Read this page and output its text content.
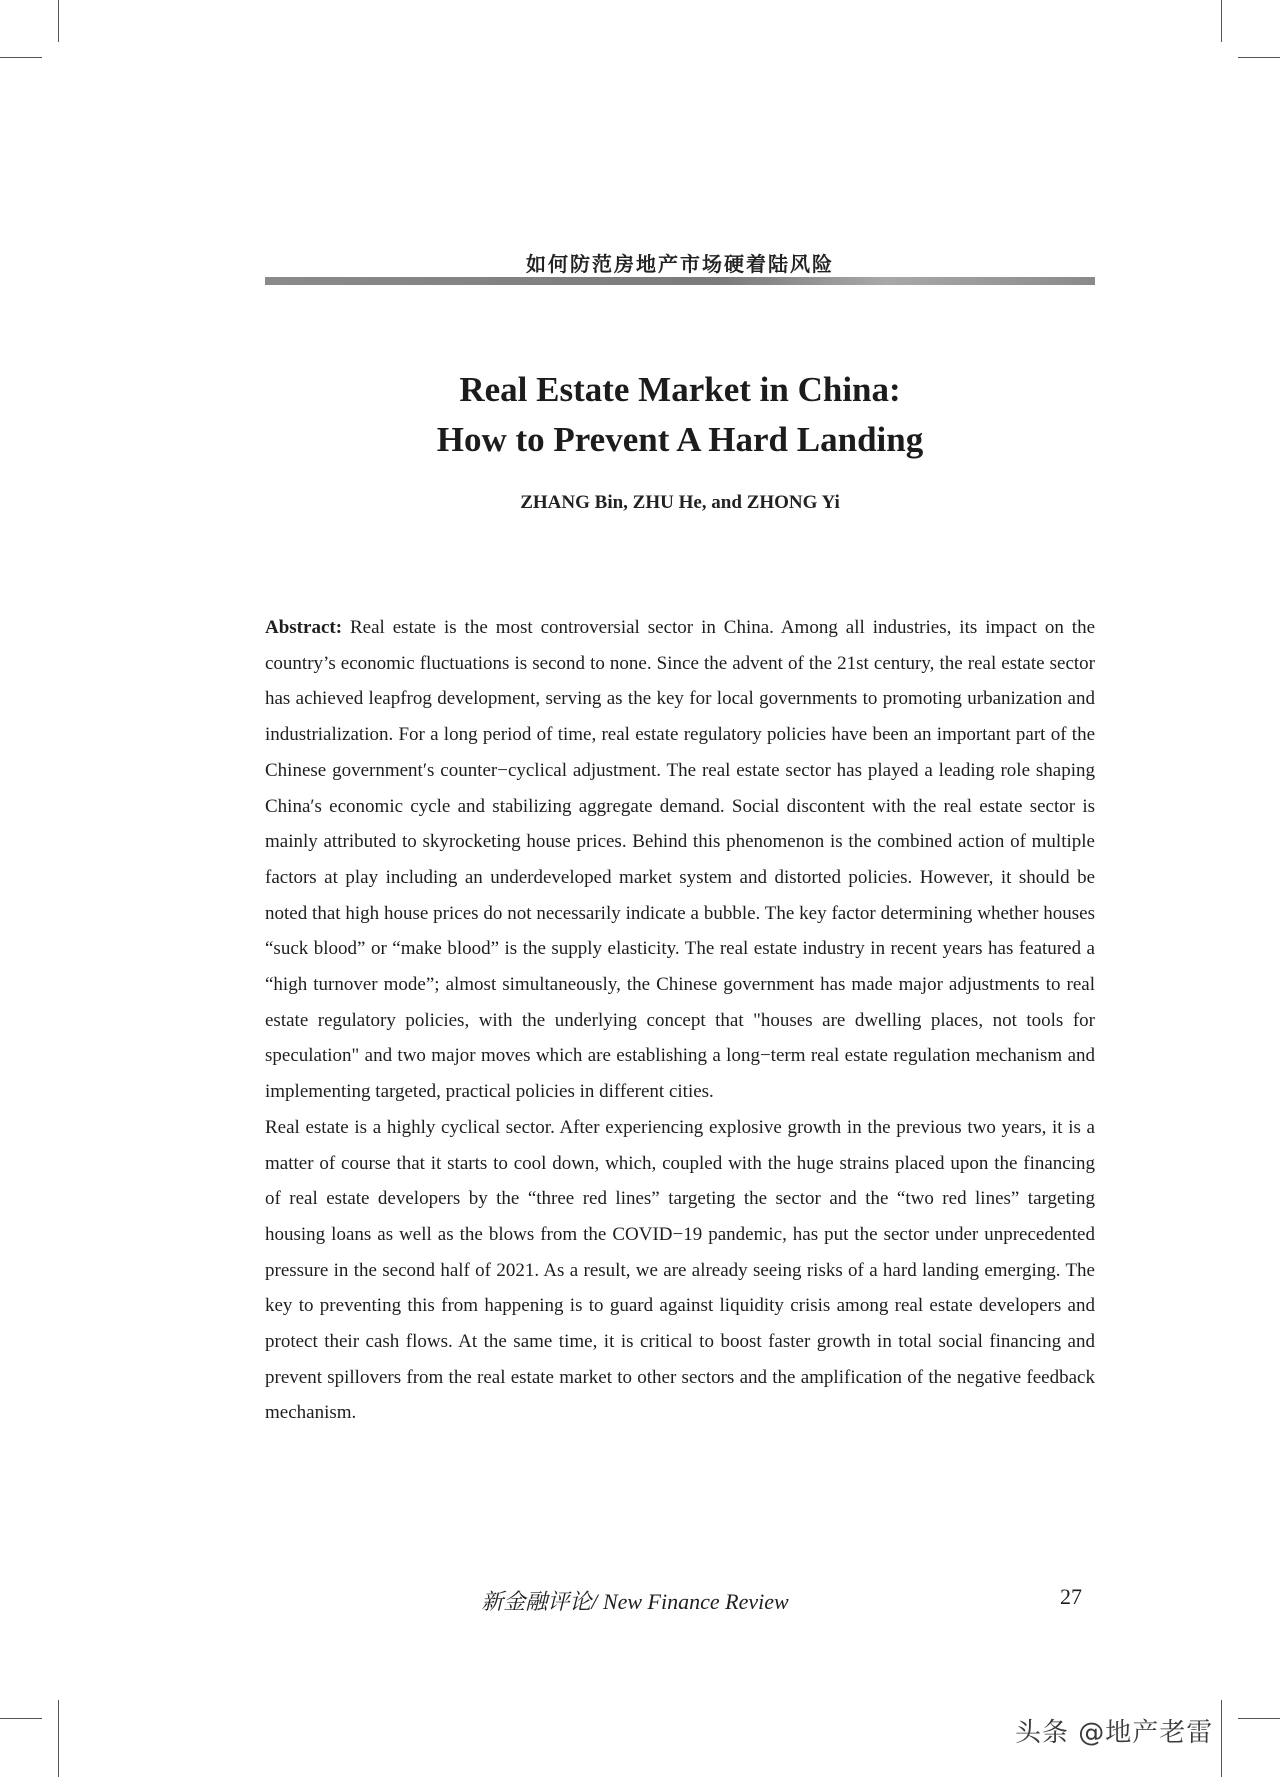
如何防范房地产市场硬着陆风险
Real Estate Market in China:
How to Prevent A Hard Landing
ZHANG Bin, ZHU He, and ZHONG Yi

Abstract: Real estate is the most controversial sector in China. Among all industries, its impact on the country’s economic fluctuations is second to none. Since the advent of the 21st century, the real estate sector has achieved leapfrog development, serving as the key for local governments to promoting urbanization and industrialization. For a long period of time, real estate regulatory policies have been an important part of the Chinese government′s counter−cyclical adjustment. The real estate sector has played a leading role shaping China′s economic cycle and stabilizing aggregate demand. Social discontent with the real estate sector is mainly attributed to skyrocketing house prices. Behind this phenomenon is the combined action of multiple factors at play including an underdeveloped market system and distorted policies. However, it should be noted that high house prices do not necessarily indicate a bubble. The key factor determining whether houses “suck blood” or “make blood” is the supply elasticity. The real estate industry in recent years has featured a “high turnover mode”; almost simultaneously, the Chinese government has made major adjustments to real estate regulatory policies, with the underlying concept that "houses are dwelling places, not tools for speculation" and two major moves which are establishing a long−term real estate regulation mechanism and implementing targeted, practical policies in different cities.

Real estate is a highly cyclical sector. After experiencing explosive growth in the previous two years, it is a matter of course that it starts to cool down, which, coupled with the huge strains placed upon the financing of real estate developers by the “three red lines” targeting the sector and the “two red lines” targeting housing loans as well as the blows from the COVID−19 pandemic, has put the sector under unprecedented pressure in the second half of 2021. As a result, we are already seeing risks of a hard landing emerging. The key to preventing this from happening is to guard against liquidity crisis among real estate developers and protect their cash flows. At the same time, it is critical to boost faster growth in total social financing and prevent spillovers from the real estate market to other sectors and the amplification of the negative feedback mechanism.

新金融评论/ New Finance Review	27
头条 @地产老雷
